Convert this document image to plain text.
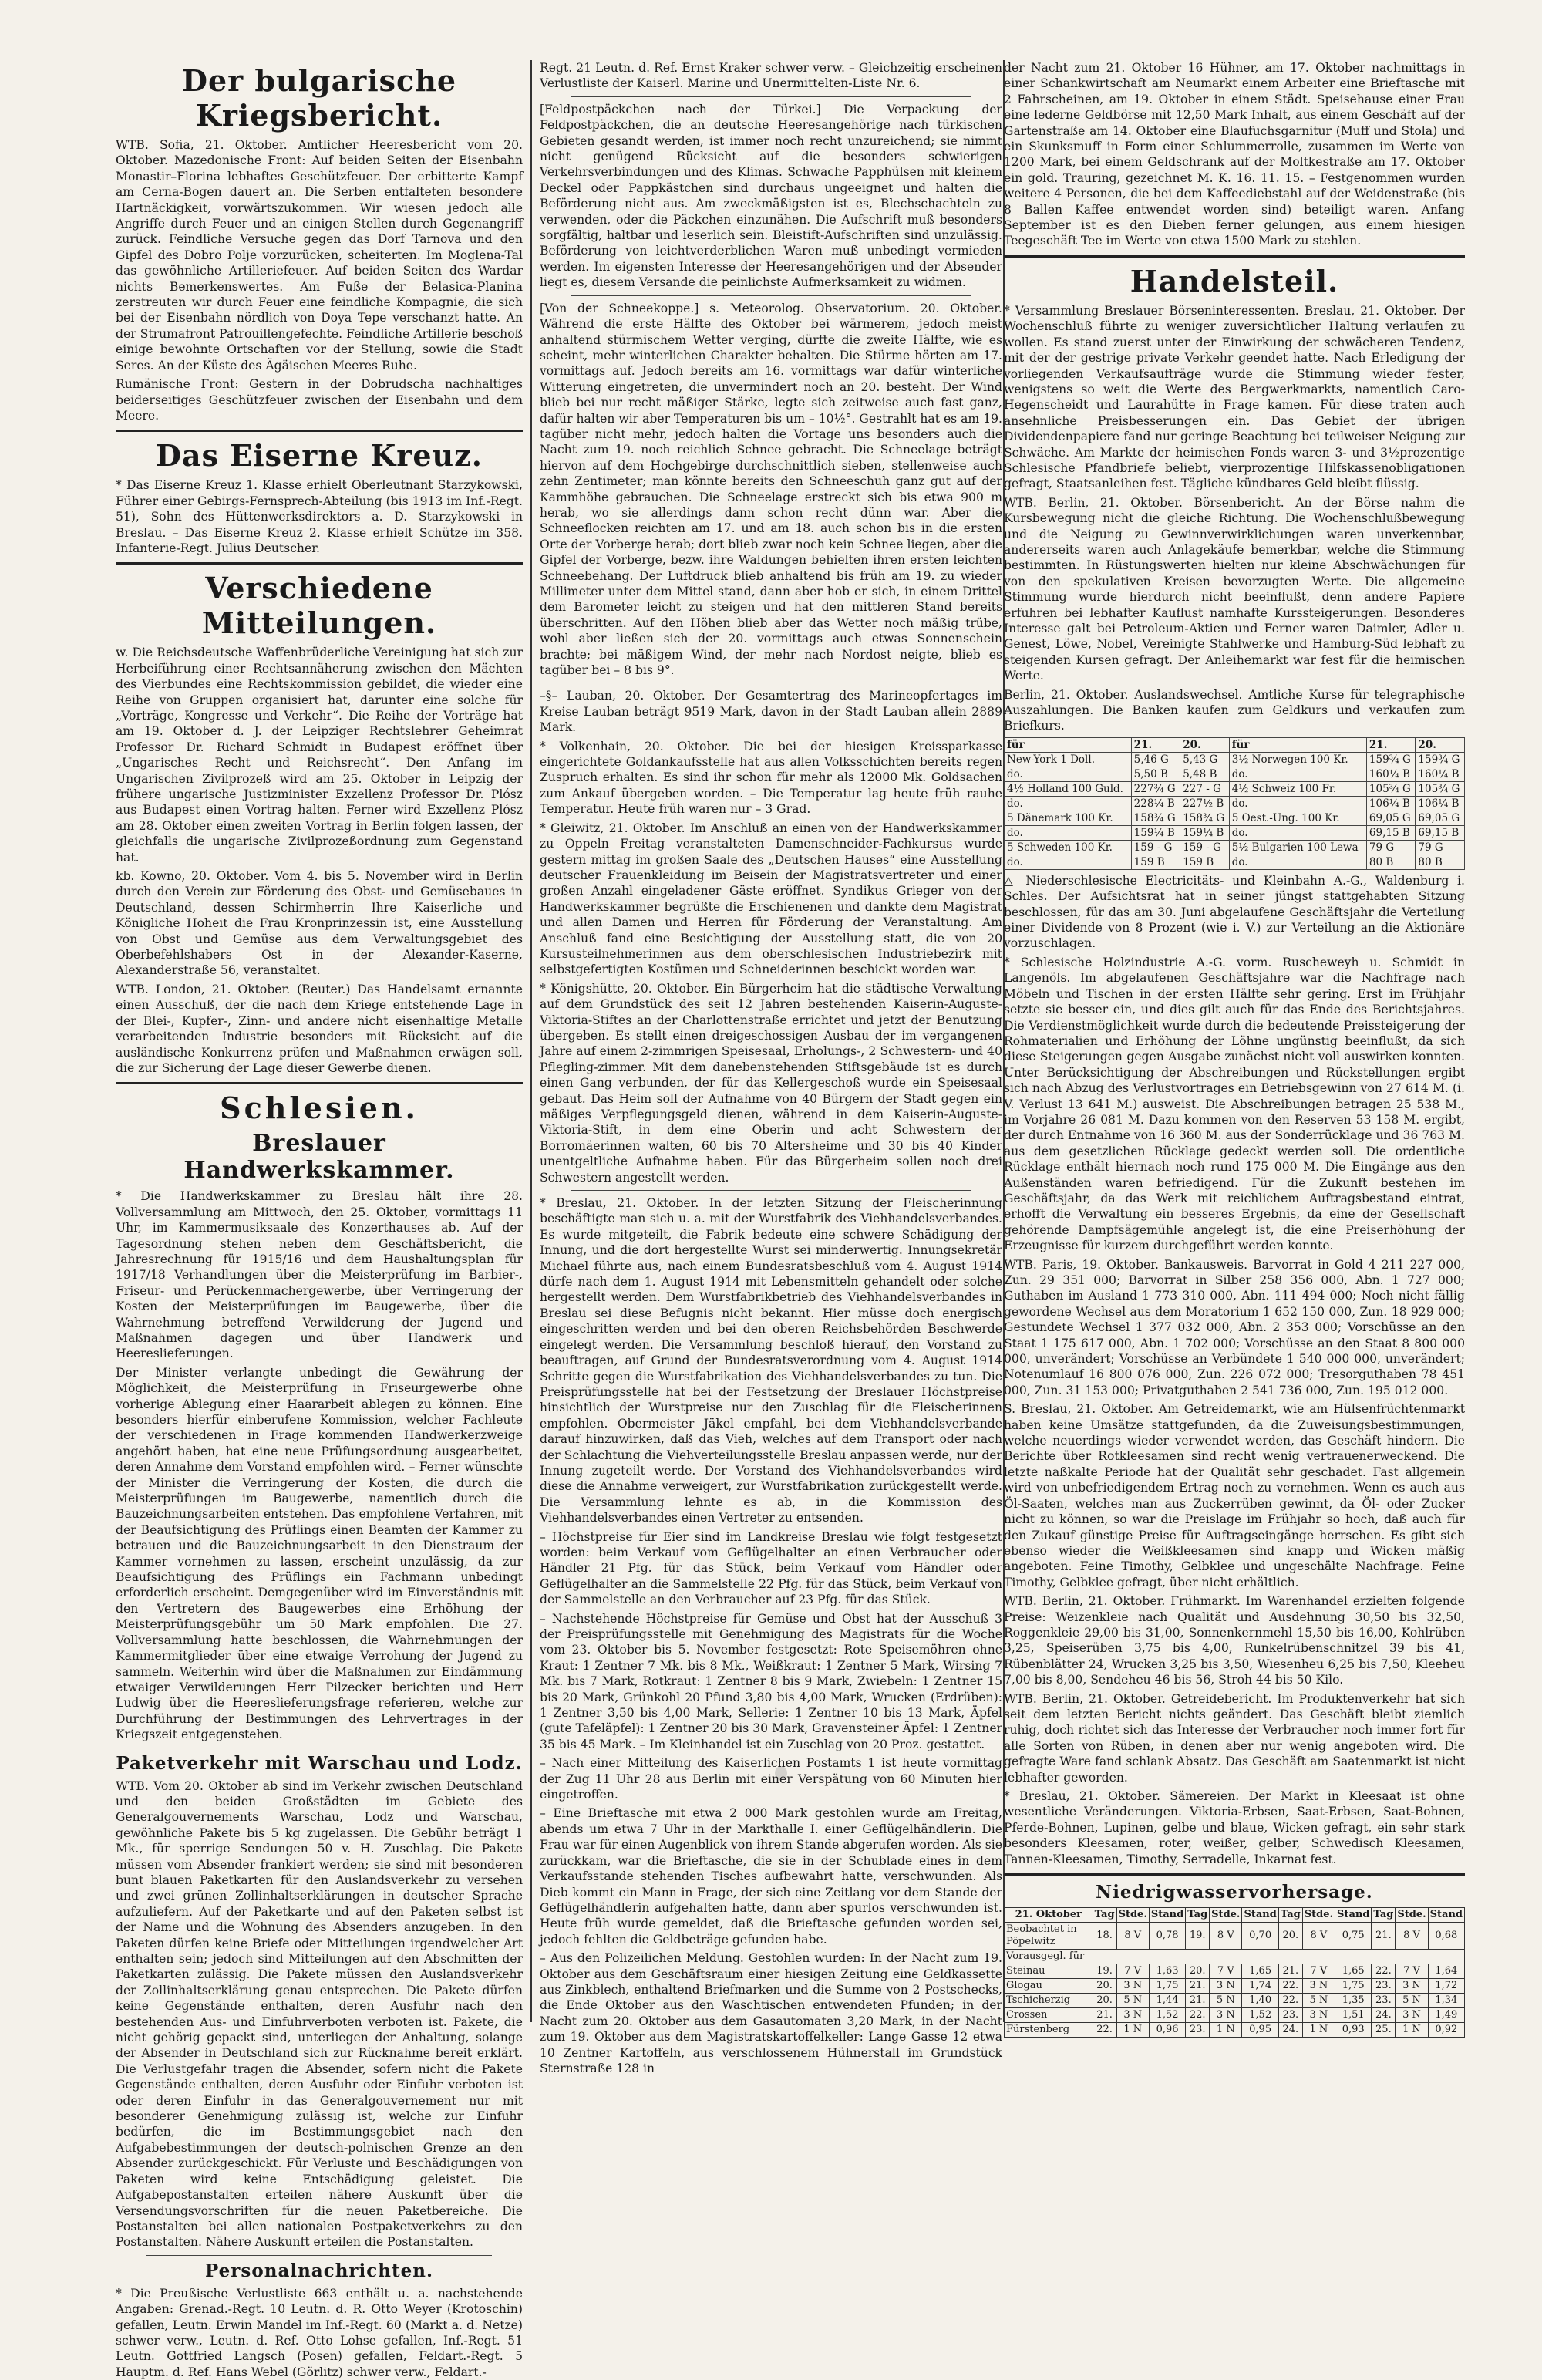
Der bulgarische Kriegsbericht.

WTB. Sofia, 21. Oktober. Amtlicher Heeresbericht vom 20. Oktober. Mazedonische Front: Auf beiden Seiten der Eisenbahn Monastir–Florina lebhaftes Geschützfeuer. Der erbitterte Kampf am Cerna-Bogen dauert an. Die Serben entfalteten besondere Hartnäckigkeit, vorwärtszukommen. Wir wiesen jedoch alle Angriffe durch Feuer und an einigen Stellen durch Gegenangriff zurück. Feindliche Versuche gegen das Dorf Tarnova und den Gipfel des Dobro Polje vorzurücken, scheiterten. Im Moglena-Tal das gewöhnliche Artilleriefeuer. Auf beiden Seiten des Wardar nichts Bemerkenswertes. Am Fuße der Belasica-Planina zerstreuten wir durch Feuer eine feindliche Kompagnie, die sich bei der Eisenbahn nördlich von Doya Tepe verschanzt hatte. An der Strumafront Patrouillengefechte. Feindliche Artillerie beschoß einige bewohnte Ortschaften vor der Stellung, sowie die Stadt Seres. An der Küste des Ägäischen Meeres Ruhe.

Rumänische Front: Gestern in der Dobrudscha nachhaltiges beiderseitiges Geschützfeuer zwischen der Eisenbahn und dem Meere.

Das Eiserne Kreuz.

* Das Eiserne Kreuz 1. Klasse erhielt Oberleutnant Starzykowski, Führer einer Gebirgs-Fernsprech-Abteilung (bis 1913 im Inf.-Regt. 51), Sohn des Hüttenwerksdirektors a. D. Starzykowski in Breslau. – Das Eiserne Kreuz 2. Klasse erhielt Schütze im 358. Infanterie-Regt. Julius Deutscher.

Verschiedene Mitteilungen.

w. Die Reichsdeutsche Waffenbrüderliche Vereinigung hat sich zur Herbeiführung einer Rechtsannäherung zwischen den Mächten des Vierbundes eine Rechtskommission gebildet, die wieder eine Reihe von Gruppen organisiert hat, darunter eine solche für „Vorträge, Kongresse und Verkehr“. Die Reihe der Vorträge hat am 19. Oktober d. J. der Leipziger Rechtslehrer Geheimrat Professor Dr. Richard Schmidt in Budapest eröffnet über „Ungarisches Recht und Reichsrecht“. Den Anfang im Ungarischen Zivilprozeß wird am 25. Oktober in Leipzig der frühere ungarische Justizminister Exzellenz Professor Dr. Plósz aus Budapest einen Vortrag halten. Ferner wird Exzellenz Plósz am 28. Oktober einen zweiten Vortrag in Berlin folgen lassen, der gleichfalls die ungarische Zivilprozeßordnung zum Gegenstand hat.

kb. Kowno, 20. Oktober. Vom 4. bis 5. November wird in Berlin durch den Verein zur Förderung des Obst- und Gemüsebaues in Deutschland, dessen Schirmherrin Ihre Kaiserliche und Königliche Hoheit die Frau Kronprinzessin ist, eine Ausstellung von Obst und Gemüse aus dem Verwaltungsgebiet des Oberbefehlshabers Ost in der Alexander-Kaserne, Alexanderstraße 56, veranstaltet.

WTB. London, 21. Oktober. (Reuter.) Das Handelsamt ernannte einen Ausschuß, der die nach dem Kriege entstehende Lage in der Blei-, Kupfer-, Zinn- und andere nicht eisenhaltige Metalle verarbeitenden Industrie besonders mit Rücksicht auf die ausländische Konkurrenz prüfen und Maßnahmen erwägen soll, die zur Sicherung der Lage dieser Gewerbe dienen.

Schlesien.
Breslauer Handwerkskammer.

* Die Handwerkskammer zu Breslau hält ihre 28. Vollversammlung am Mittwoch, den 25. Oktober, vormittags 11 Uhr, im Kammermusiksaale des Konzerthauses ab. Auf der Tagesordnung stehen neben dem Geschäftsbericht, die Jahresrechnung für 1915/16 und dem Haushaltungsplan für 1917/18 Verhandlungen über die Meisterprüfung im Barbier-, Friseur- und Perückenmachergewerbe, über Verringerung der Kosten der Meisterprüfungen im Baugewerbe, über die Wahrnehmung betreffend Verwilderung der Jugend und Maßnahmen dagegen und über Handwerk und Heereslieferungen.

Der Minister verlangte unbedingt die Gewährung der Möglichkeit, die Meisterprüfung in Friseurgewerbe ohne vorherige Ablegung einer Haararbeit ablegen zu können. Eine besonders hierfür einberufene Kommission, welcher Fachleute der verschiedenen in Frage kommenden Handwerkerzweige angehört haben, hat eine neue Prüfungsordnung ausgearbeitet, deren Annahme dem Vorstand empfohlen wird. – Ferner wünschte der Minister die Verringerung der Kosten, die durch die Meisterprüfungen im Baugewerbe, namentlich durch die Bauzeichnungsarbeiten entstehen. Das empfohlene Verfahren, mit der Beaufsichtigung des Prüflings einen Beamten der Kammer zu betrauen und die Bauzeichnungsarbeit in den Dienstraum der Kammer vornehmen zu lassen, erscheint unzulässig, da zur Beaufsichtigung des Prüflings ein Fachmann unbedingt erforderlich erscheint. Demgegenüber wird im Einverständnis mit den Vertretern des Baugewerbes eine Erhöhung der Meisterprüfungsgebühr um 50 Mark empfohlen. Die 27. Vollversammlung hatte beschlossen, die Wahrnehmungen der Kammermitglieder über eine etwaige Verrohung der Jugend zu sammeln. Weiterhin wird über die Maßnahmen zur Eindämmung etwaiger Verwilderungen Herr Pilzecker berichten und Herr Ludwig über die Heereslieferungsfrage referieren, welche zur Durchführung der Bestimmungen des Lehrvertrages in der Kriegszeit entgegenstehen.

Paketverkehr mit Warschau und Lodz.

WTB. Vom 20. Oktober ab sind im Verkehr zwischen Deutschland und den beiden Großstädten im Gebiete des Generalgouvernements Warschau, Lodz und Warschau, gewöhnliche Pakete bis 5 kg zugelassen. Die Gebühr beträgt 1 Mk., für sperrige Sendungen 50 v. H. Zuschlag. Die Pakete müssen vom Absender frankiert werden; sie sind mit besonderen bunt blauen Paketkarten für den Auslandsverkehr zu versehen und zwei grünen Zollinhaltserklärungen in deutscher Sprache aufzuliefern. Auf der Paketkarte und auf den Paketen selbst ist der Name und die Wohnung des Absenders anzugeben. In den Paketen dürfen keine Briefe oder Mitteilungen irgendwelcher Art enthalten sein; jedoch sind Mitteilungen auf den Abschnitten der Paketkarten zulässig. Die Pakete müssen den Auslandsverkehr der Zollinhaltserklärung genau entsprechen. Die Pakete dürfen keine Gegenstände enthalten, deren Ausfuhr nach den bestehenden Aus- und Einfuhrverboten verboten ist. Pakete, die nicht gehörig gepackt sind, unterliegen der Anhaltung, solange der Absender in Deutschland sich zur Rücknahme bereit erklärt. Die Verlustgefahr tragen die Absender, sofern nicht die Pakete Gegenstände enthalten, deren Ausfuhr oder Einfuhr verboten ist oder deren Einfuhr in das Generalgouvernement nur mit besonderer Genehmigung zulässig ist, welche zur Einfuhr bedürfen, die im Bestimmungsgebiet nach den Aufgabebestimmungen der deutsch-polnischen Grenze an den Absender zurückgeschickt. Für Verluste und Beschädigungen von Paketen wird keine Entschädigung geleistet. Die Aufgabepostanstalten erteilen nähere Auskunft über die Versendungsvorschriften für die neuen Paketbereiche. Die Postanstalten bei allen nationalen Postpaketverkehrs zu den Postanstalten. Nähere Auskunft erteilen die Postanstalten.

Personalnachrichten.

* Die Preußische Verlustliste 663 enthält u. a. nachstehende Angaben: Grenad.-Regt. 10 Leutn. d. R. Otto Weyer (Krotoschin) gefallen, Leutn. Erwin Mandel im Inf.-Regt. 60 (Markt a. d. Netze) schwer verw., Leutn. d. Ref. Otto Lohse gefallen, Inf.-Regt. 51 Leutn. Gottfried Langsch (Posen) gefallen, Feldart.-Regt. 5 Hauptm. d. Ref. Hans Webel (Görlitz) schwer verw., Feldart.-

Regt. 21 Leutn. d. Ref. Ernst Kraker schwer verw. – Gleichzeitig erscheinen Verlustliste der Kaiserl. Marine und Unermittelten-Liste Nr. 6.

[Feldpostpäckchen nach der Türkei.] Die Verpackung der Feldpostpäckchen, die an deutsche Heeresangehörige nach türkischen Gebieten gesandt werden, ist immer noch recht unzureichend; sie nimmt nicht genügend Rücksicht auf die besonders schwierigen Verkehrsverbindungen und des Klimas. Schwache Papphülsen mit kleinem Deckel oder Pappkästchen sind durchaus ungeeignet und halten die Beförderung nicht aus. Am zweckmäßigsten ist es, Blechschachteln zu verwenden, oder die Päckchen einzunähen. Die Aufschrift muß besonders sorgfältig, haltbar und leserlich sein. Bleistift-Aufschriften sind unzulässig. Beförderung von leichtverderblichen Waren muß unbedingt vermieden werden. Im eigensten Interesse der Heeresangehörigen und der Absender liegt es, diesem Versande die peinlichste Aufmerksamkeit zu widmen.

[Von der Schneekoppe.] s. Meteorolog. Observatorium. 20. Oktober. Während die erste Hälfte des Oktober bei wärmerem, jedoch meist anhaltend stürmischem Wetter verging, dürfte die zweite Hälfte, wie es scheint, mehr winterlichen Charakter behalten. Die Stürme hörten am 17. vormittags auf. Jedoch bereits am 16. vormittags war dafür winterliche Witterung eingetreten, die unvermindert noch an 20. besteht. Der Wind blieb bei nur recht mäßiger Stärke, legte sich zeitweise auch fast ganz, dafür halten wir aber Temperaturen bis um – 10½°. Gestrahlt hat es am 19. tagüber nicht mehr, jedoch halten die Vortage uns besonders auch die Nacht zum 19. noch reichlich Schnee gebracht. Die Schneelage beträgt hiervon auf dem Hochgebirge durchschnittlich sieben, stellenweise auch zehn Zentimeter; man könnte bereits den Schneeschuh ganz gut auf der Kammhöhe gebrauchen. Die Schneelage erstreckt sich bis etwa 900 m herab, wo sie allerdings dann schon recht dünn war. Aber die Schneeflocken reichten am 17. und am 18. auch schon bis in die ersten Orte der Vorberge herab; dort blieb zwar noch kein Schnee liegen, aber die Gipfel der Vorberge, bezw. ihre Waldungen behielten ihren ersten leichten Schneebehang. Der Luftdruck blieb anhaltend bis früh am 19. zu wieder Millimeter unter dem Mittel stand, dann aber hob er sich, in einem Drittel dem Barometer leicht zu steigen und hat den mittleren Stand bereits überschritten. Auf den Höhen blieb aber das Wetter noch mäßig trübe, wohl aber ließen sich der 20. vormittags auch etwas Sonnenschein brachte; bei mäßigem Wind, der mehr nach Nordost neigte, blieb es tagüber bei – 8 bis 9°.

–§– Lauban, 20. Oktober. Der Gesamtertrag des Marineopfertages im Kreise Lauban beträgt 9519 Mark, davon in der Stadt Lauban allein 2889 Mark.

* Volkenhain, 20. Oktober. Die bei der hiesigen Kreissparkasse eingerichtete Goldankaufsstelle hat aus allen Volksschichten bereits regen Zuspruch erhalten. Es sind ihr schon für mehr als 12000 Mk. Goldsachen zum Ankauf übergeben worden. – Die Temperatur lag heute früh rauhe Temperatur. Heute früh waren nur – 3 Grad.

* Gleiwitz, 21. Oktober. Im Anschluß an einen von der Handwerkskammer zu Oppeln Freitag veranstalteten Damenschneider-Fachkursus wurde gestern mittag im großen Saale des „Deutschen Hauses“ eine Ausstellung deutscher Frauenkleidung im Beisein der Magistratsvertreter und einer großen Anzahl eingeladener Gäste eröffnet. Syndikus Grieger von der Handwerkskammer begrüßte die Erschienenen und dankte dem Magistrat und allen Damen und Herren für Förderung der Veranstaltung. Am Anschluß fand eine Besichtigung der Ausstellung statt, die von 20 Kursusteilnehmerinnen aus dem oberschlesischen Industriebezirk mit selbstgefertigten Kostümen und Schneiderinnen beschickt worden war.

* Königshütte, 20. Oktober. Ein Bürgerheim hat die städtische Verwaltung auf dem Grundstück des seit 12 Jahren bestehenden Kaiserin-Auguste-Viktoria-Stiftes an der Charlottenstraße errichtet und jetzt der Benutzung übergeben. Es stellt einen dreigeschossigen Ausbau der im vergangenen Jahre auf einem 2-zimmrigen Speisesaal, Erholungs-, 2 Schwestern- und 40 Pflegling-zimmer. Mit dem danebenstehenden Stiftsgebäude ist es durch einen Gang verbunden, der für das Kellergeschoß wurde ein Speisesaal gebaut. Das Heim soll der Aufnahme von 40 Bürgern der Stadt gegen ein mäßiges Verpflegungsgeld dienen, während in dem Kaiserin-Auguste-Viktoria-Stift, in dem eine Oberin und acht Schwestern der Borromäerinnen walten, 60 bis 70 Altersheime und 30 bis 40 Kinder unentgeltliche Aufnahme haben. Für das Bürgerheim sollen noch drei Schwestern angestellt werden.

* Breslau, 21. Oktober. In der letzten Sitzung der Fleischerinnung beschäftigte man sich u. a. mit der Wurstfabrik des Viehhandelsverbandes. Es wurde mitgeteilt, die Fabrik bedeute eine schwere Schädigung der Innung, und die dort hergestellte Wurst sei minderwertig. Innungsekretär Michael führte aus, nach einem Bundesratsbeschluß vom 4. August 1914 dürfe nach dem 1. August 1914 mit Lebensmitteln gehandelt oder solche hergestellt werden. Dem Wurstfabrikbetrieb des Viehhandelsverbandes in Breslau sei diese Befugnis nicht bekannt. Hier müsse doch energisch eingeschritten werden und bei den oberen Reichsbehörden Beschwerde eingelegt werden. Die Versammlung beschloß hierauf, den Vorstand zu beauftragen, auf Grund der Bundesratsverordnung vom 4. August 1914 Schritte gegen die Wurstfabrikation des Viehhandelsverbandes zu tun. Die Preisprüfungsstelle hat bei der Festsetzung der Breslauer Höchstpreise hinsichtlich der Wurstpreise nur den Zuschlag für die Fleischerinnen empfohlen. Obermeister Jäkel empfahl, bei dem Viehhandelsverbande darauf hinzuwirken, daß das Vieh, welches auf dem Transport oder nach der Schlachtung die Viehverteilungsstelle Breslau anpassen werde, nur der Innung zugeteilt werde. Der Vorstand des Viehhandelsverbandes wird diese die Annahme verweigert, zur Wurstfabrikation zurückgestellt werde. Die Versammlung lehnte es ab, in die Kommission des Viehhandelsverbandes einen Vertreter zu entsenden.

– Höchstpreise für Eier sind im Landkreise Breslau wie folgt festgesetzt worden: beim Verkauf vom Geflügelhalter an einen Verbraucher oder Händler 21 Pfg. für das Stück, beim Verkauf vom Händler oder Geflügelhalter an die Sammelstelle 22 Pfg. für das Stück, beim Verkauf von der Sammelstelle an den Verbraucher auf 23 Pfg. für das Stück.

– Nachstehende Höchstpreise für Gemüse und Obst hat der Ausschuß 3 der Preisprüfungsstelle mit Genehmigung des Magistrats für die Woche vom 23. Oktober bis 5. November festgesetzt: Rote Speisemöhren ohne Kraut: 1 Zentner 7 Mk. bis 8 Mk., Weißkraut: 1 Zentner 5 Mark, Wirsing 7 Mk. bis 7 Mark, Rotkraut: 1 Zentner 8 bis 9 Mark, Zwiebeln: 1 Zentner 15 bis 20 Mark, Grünkohl 20 Pfund 3,80 bis 4,00 Mark, Wrucken (Erdrüben): 1 Zentner 3,50 bis 4,00 Mark, Sellerie: 1 Zentner 10 bis 13 Mark, Äpfel (gute Tafeläpfel): 1 Zentner 20 bis 30 Mark, Gravensteiner Äpfel: 1 Zentner 35 bis 45 Mark. – Im Kleinhandel ist ein Zuschlag von 20 Proz. gestattet.

– Nach einer Mitteilung des Kaiserlichen Postamts 1 ist heute vormittag der Zug 11 Uhr 28 aus Berlin mit einer Verspätung von 60 Minuten hier eingetroffen.

– Eine Brieftasche mit etwa 2 000 Mark gestohlen wurde am Freitag, abends um etwa 7 Uhr in der Markthalle I. einer Geflügelhändlerin. Die Frau war für einen Augenblick von ihrem Stande abgerufen worden. Als sie zurückkam, war die Brieftasche, die sie in der Schublade eines in dem Verkaufsstande stehenden Tisches aufbewahrt hatte, verschwunden. Als Dieb kommt ein Mann in Frage, der sich eine Zeitlang vor dem Stande der Geflügelhändlerin aufgehalten hatte, dann aber spurlos verschwunden ist. Heute früh wurde gemeldet, daß die Brieftasche gefunden worden sei, jedoch fehlten die Geldbeträge gefunden habe.

– Aus den Polizeilichen Meldung. Gestohlen wurden: In der Nacht zum 19. Oktober aus dem Geschäftsraum einer hiesigen Zeitung eine Geldkassette aus Zinkblech, enthaltend Briefmarken und die Summe von 2 Postschecks, die Ende Oktober aus den Waschtischen entwendeten Pfunden; in der Nacht zum 20. Oktober aus dem Gasautomaten 3,20 Mark, in der Nacht zum 19. Oktober aus dem Magistratskartoffelkeller: Lange Gasse 12 etwa 10 Zentner Kartoffeln, aus verschlossenem Hühnerstall im Grundstück Sternstraße 128 in

der Nacht zum 21. Oktober 16 Hühner, am 17. Oktober nachmittags in einer Schankwirtschaft am Neumarkt einem Arbeiter eine Brieftasche mit 2 Fahrscheinen, am 19. Oktober in einem Städt. Speisehause einer Frau eine lederne Geldbörse mit 12,50 Mark Inhalt, aus einem Geschäft auf der Gartenstraße am 14. Oktober eine Blaufuchsgarnitur (Muff und Stola) und ein Skunksmuff in Form einer Schlummerrolle, zusammen im Werte von 1200 Mark, bei einem Geldschrank auf der Moltkestraße am 17. Oktober ein gold. Trauring, gezeichnet M. K. 16. 11. 15. – Festgenommen wurden weitere 4 Personen, die bei dem Kaffeediebstahl auf der Weidenstraße (bis 8 Ballen Kaffee entwendet worden sind) beteiligt waren. Anfang September ist es den Dieben ferner gelungen, aus einem hiesigen Teegeschäft Tee im Werte von etwa 1500 Mark zu stehlen.

Handelsteil.

* Versammlung Breslauer Börseninteressenten. Breslau, 21. Oktober. Der Wochenschluß führte zu weniger zuversichtlicher Haltung verlaufen zu wollen. Es stand zuerst unter der Einwirkung der schwächeren Tendenz, mit der der gestrige private Verkehr geendet hatte. Nach Erledigung der vorliegenden Verkaufsaufträge wurde die Stimmung wieder fester, wenigstens so weit die Werte des Bergwerkmarkts, namentlich Caro-Hegenscheidt und Laurahütte in Frage kamen. Für diese traten auch ansehnliche Preisbesserungen ein. Das Gebiet der übrigen Dividendenpapiere fand nur geringe Beachtung bei teilweiser Neigung zur Schwäche. Am Markte der heimischen Fonds waren 3- und 3½prozentige Schlesische Pfandbriefe beliebt, vierprozentige Hilfskassenobligationen gefragt, Staatsanleihen fest. Tägliche kündbares Geld bleibt flüssig.

WTB. Berlin, 21. Oktober. Börsenbericht. An der Börse nahm die Kursbewegung nicht die gleiche Richtung. Die Wochenschlußbewegung und die Neigung zu Gewinnverwirklichungen waren unverkennbar, andererseits waren auch Anlagekäufe bemerkbar, welche die Stimmung bestimmten. In Rüstungswerten hielten nur kleine Abschwächungen für von den spekulativen Kreisen bevorzugten Werte. Die allgemeine Stimmung wurde hierdurch nicht beeinflußt, denn andere Papiere erfuhren bei lebhafter Kauflust namhafte Kurssteigerungen. Besonderes Interesse galt bei Petroleum-Aktien und Ferner waren Daimler, Adler u. Genest, Löwe, Nobel, Vereinigte Stahlwerke und Hamburg-Süd lebhaft zu steigenden Kursen gefragt. Der Anleihemarkt war fest für die heimischen Werte.

Berlin, 21. Oktober. Auslandswechsel. Amtliche Kurse für telegraphische Auszahlungen. Die Banken kaufen zum Geldkurs und verkaufen zum Briefkurs.

für	21.	20.	für	21.	20.
New-York 1 Doll.	5,46 G	5,43 G	3½ Norwegen 100 Kr.	159¾ G	159¾ G
do.	5,50 B	5,48 B	do.	160¼ B	160¼ B
4½ Holland 100 Guld.	227¾ G	227 - G	4½ Schweiz 100 Fr.	105¾ G	105¾ G
do.	228¼ B	227½ B	do.	106¼ B	106¼ B
5 Dänemark 100 Kr.	158¾ G	158¾ G	5 Oest.-Ung. 100 Kr.	69,05 G	69,05 G
do.	159¼ B	159¼ B	do.	69,15 B	69,15 B
5 Schweden 100 Kr.	159 - G	159 - G	5½ Bulgarien 100 Lewa	79 G	79 G
do.	159 B	159 B	do.	80 B	80 B

△ Niederschlesische Electricitäts- und Kleinbahn A.-G., Waldenburg i. Schles. Der Aufsichtsrat hat in seiner jüngst stattgehabten Sitzung beschlossen, für das am 30. Juni abgelaufene Geschäftsjahr die Verteilung einer Dividende von 8 Prozent (wie i. V.) zur Verteilung an die Aktionäre vorzuschlagen.

* Schlesische Holzindustrie A.-G. vorm. Ruscheweyh u. Schmidt in Langenöls. Im abgelaufenen Geschäftsjahre war die Nachfrage nach Möbeln und Tischen in der ersten Hälfte sehr gering. Erst im Frühjahr setzte sie besser ein, und dies gilt auch für das Ende des Berichtsjahres. Die Verdienstmöglichkeit wurde durch die bedeutende Preissteigerung der Rohmaterialien und Erhöhung der Löhne ungünstig beeinflußt, da sich diese Steigerungen gegen Ausgabe zunächst nicht voll auswirken konnten. Unter Berücksichtigung der Abschreibungen und Rückstellungen ergibt sich nach Abzug des Verlustvortrages ein Betriebsgewinn von 27 614 M. (i. V. Verlust 13 641 M.) ausweist. Die Abschreibungen betragen 25 538 M., im Vorjahre 26 081 M. Dazu kommen von den Reserven 53 158 M. ergibt, der durch Entnahme von 16 360 M. aus der Sonderrücklage und 36 763 M. aus dem gesetzlichen Rücklage gedeckt werden soll. Die ordentliche Rücklage enthält hiernach noch rund 175 000 M. Die Eingänge aus den Außenständen waren befriedigend. Für die Zukunft bestehen im Geschäftsjahr, da das Werk mit reichlichem Auftragsbestand eintrat, erhofft die Verwaltung ein besseres Ergebnis, da eine der Gesellschaft gehörende Dampfsägemühle angelegt ist, die eine Preiserhöhung der Erzeugnisse für kurzem durchgeführt werden konnte.

WTB. Paris, 19. Oktober. Bankausweis. Barvorrat in Gold 4 211 227 000, Zun. 29 351 000; Barvorrat in Silber 258 356 000, Abn. 1 727 000; Guthaben im Ausland 1 773 310 000, Abn. 111 494 000; Noch nicht fällig gewordene Wechsel aus dem Moratorium 1 652 150 000, Zun. 18 929 000; Gestundete Wechsel 1 377 032 000, Abn. 2 353 000; Vorschüsse an den Staat 1 175 617 000, Abn. 1 702 000; Vorschüsse an den Staat 8 800 000 000, unverändert; Vorschüsse an Verbündete 1 540 000 000, unverändert; Notenumlauf 16 800 076 000, Zun. 226 072 000; Tresorguthaben 78 451 000, Zun. 31 153 000; Privatguthaben 2 541 736 000, Zun. 195 012 000.

S. Breslau, 21. Oktober. Am Getreidemarkt, wie am Hülsenfrüchtenmarkt haben keine Umsätze stattgefunden, da die Zuweisungsbestimmungen, welche neuerdings wieder verwendet werden, das Geschäft hindern. Die Berichte über Rotkleesamen sind recht wenig vertrauenerweckend. Die letzte naßkalte Periode hat der Qualität sehr geschadet. Fast allgemein wird von unbefriedigendem Ertrag noch zu vernehmen. Wenn es auch aus Öl-Saaten, welches man aus Zuckerrüben gewinnt, da Öl- oder Zucker nicht zu können, so war die Preislage im Frühjahr so hoch, daß auch für den Zukauf günstige Preise für Auftragseingänge herrschen. Es gibt sich ebenso wieder die Weißkleesamen sind knapp und Wicken mäßig angeboten. Feine Timothy, Gelbklee und ungeschälte Nachfrage. Feine Timothy, Gelbklee gefragt, über nicht erhältlich.

WTB. Berlin, 21. Oktober. Frühmarkt. Im Warenhandel erzielten folgende Preise: Weizenkleie nach Qualität und Ausdehnung 30,50 bis 32,50, Roggenkleie 29,00 bis 31,00, Sonnenkernmehl 15,50 bis 16,00, Kohlrüben 3,25, Speiserüben 3,75 bis 4,00, Runkelrübenschnitzel 39 bis 41, Rübenblätter 24, Wrucken 3,25 bis 3,50, Wiesenheu 6,25 bis 7,50, Kleeheu 7,00 bis 8,00, Sendeheu 46 bis 56, Stroh 44 bis 50 Kilo.

WTB. Berlin, 21. Oktober. Getreidebericht. Im Produktenverkehr hat sich seit dem letzten Bericht nichts geändert. Das Geschäft bleibt ziemlich ruhig, doch richtet sich das Interesse der Verbraucher noch immer fort für alle Sorten von Rüben, in denen aber nur wenig angeboten wird. Die gefragte Ware fand schlank Absatz. Das Geschäft am Saatenmarkt ist nicht lebhafter geworden.

* Breslau, 21. Oktober. Sämereien. Der Markt in Kleesaat ist ohne wesentliche Veränderungen. Viktoria-Erbsen, Saat-Erbsen, Saat-Bohnen, Pferde-Bohnen, Lupinen, gelbe und blaue, Wicken gefragt, ein sehr stark besonders Kleesamen, roter, weißer, gelber, Schwedisch Kleesamen, Tannen-Kleesamen, Timothy, Serradelle, Inkarnat fest.

Niedrigwasservorhersage.
21. Oktober	Tag	Stde.	Stand	Tag	Stde.	Stand	Tag	Stde.	Stand	Tag	Stde.	Stand
Beobachtet in Pöpelwitz	18.	8 V	0,78	19.	8 V	0,70	20.	8 V	0,75	21.	8 V	0,68
Vorausgegl. für												
Steinau	19.	7 V	1,63	20.	7 V	1,65	21.	7 V	1,65	22.	7 V	1,64
Glogau	20.	3 N	1,75	21.	3 N	1,74	22.	3 N	1,75	23.	3 N	1,72
Tschicherzig	20.	5 N	1,44	21.	5 N	1,40	22.	5 N	1,35	23.	5 N	1,34
Crossen	21.	3 N	1,52	22.	3 N	1,52	23.	3 N	1,51	24.	3 N	1,49
Fürstenberg	22.	1 N	0,96	23.	1 N	0,95	24.	1 N	0,93	25.	1 N	0,92
